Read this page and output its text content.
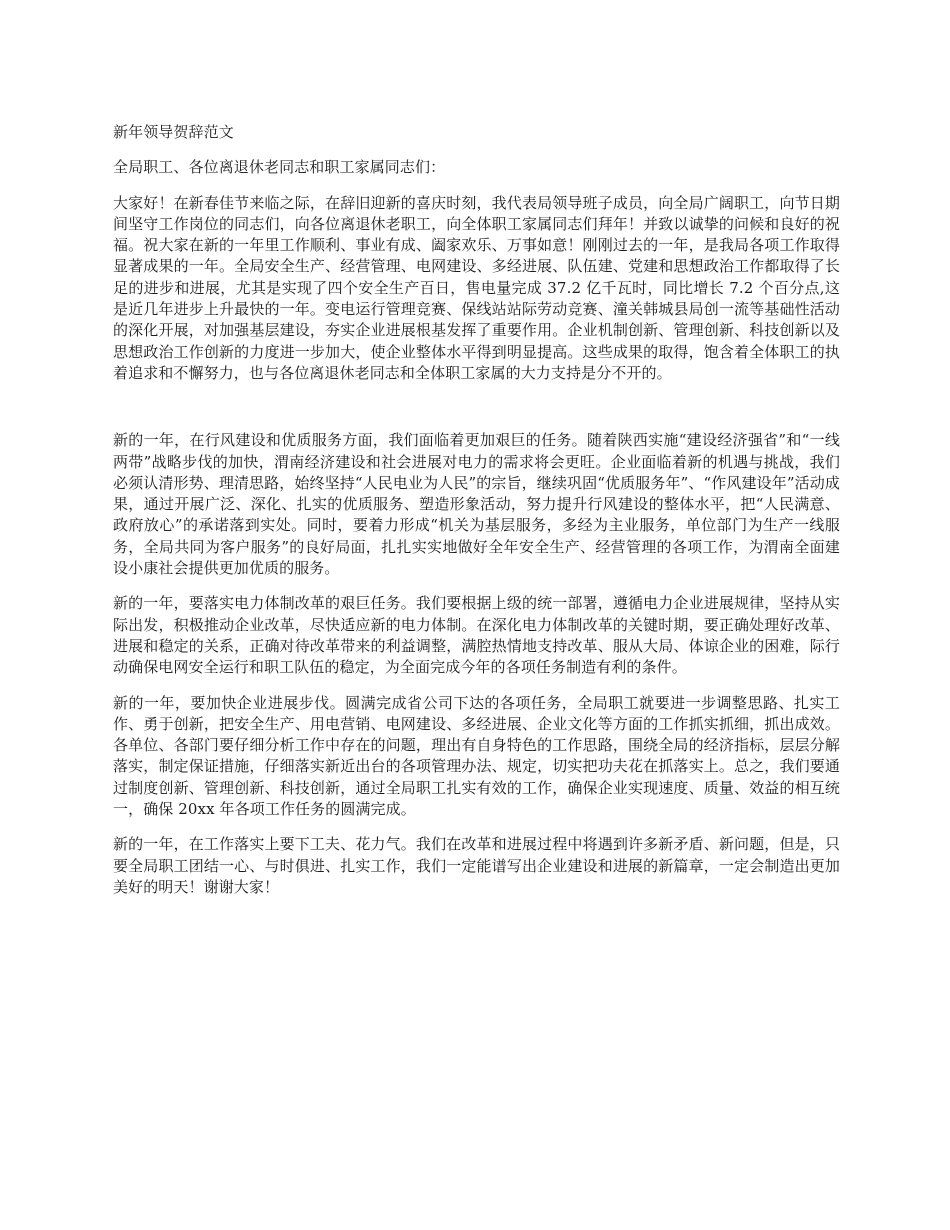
新年领导贺辞范文

全局职工、各位离退休老同志和职工家属同志们：

大家好！在新春佳节来临之际，在辞旧迎新的喜庆时刻，我代表局领导班子成员，向全局广阔职工，向节日期间坚守工作岗位的同志们，向各位离退休老职工，向全体职工家属同志们拜年！并致以诚挚的问候和良好的祝福。祝大家在新的一年里工作顺利、事业有成、阖家欢乐、万事如意！刚刚过去的一年，是我局各项工作取得显著成果的一年。全局安全生产、经营管理、电网建设、多经进展、队伍建、党建和思想政治工作都取得了长足的进步和进展，尤其是实现了四个安全生产百日，售电量完成 37.2 亿千瓦时，同比增长 7.2 个百分点,这是近几年进步上升最快的一年。变电运行管理竞赛、保线站站际劳动竞赛、潼关韩城县局创一流等基础性活动的深化开展，对加强基层建设，夯实企业进展根基发挥了重要作用。企业机制创新、管理创新、科技创新以及思想政治工作创新的力度进一步加大，使企业整体水平得到明显提高。这些成果的取得，饱含着全体职工的执着追求和不懈努力，也与各位离退休老同志和全体职工家属的大力支持是分不开的。

新的一年，在行风建设和优质服务方面，我们面临着更加艰巨的任务。随着陕西实施“建设经济强省”和“一线两带”战略步伐的加快，渭南经济建设和社会进展对电力的需求将会更旺。企业面临着新的机遇与挑战，我们必须认清形势、理清思路，始终坚持“人民电业为人民”的宗旨，继续巩固“优质服务年”、“作风建设年”活动成果，通过开展广泛、深化、扎实的优质服务、塑造形象活动，努力提升行风建设的整体水平，把“人民满意、政府放心”的承诺落到实处。同时，要着力形成“机关为基层服务，多经为主业服务，单位部门为生产一线服务，全局共同为客户服务”的良好局面，扎扎实实地做好全年安全生产、经营管理的各项工作，为渭南全面建设小康社会提供更加优质的服务。

新的一年，要落实电力体制改革的艰巨任务。我们要根据上级的统一部署，遵循电力企业进展规律，坚持从实际出发，积极推动企业改革，尽快适应新的电力体制。在深化电力体制改革的关键时期，要正确处理好改革、进展和稳定的关系，正确对待改革带来的利益调整，满腔热情地支持改革、服从大局、体谅企业的困难，际行动确保电网安全运行和职工队伍的稳定，为全面完成今年的各项任务制造有利的条件。

新的一年，要加快企业进展步伐。圆满完成省公司下达的各项任务，全局职工就要进一步调整思路、扎实工作、勇于创新，把安全生产、用电营销、电网建设、多经进展、企业文化等方面的工作抓实抓细，抓出成效。各单位、各部门要仔细分析工作中存在的问题，理出有自身特色的工作思路，围绕全局的经济指标，层层分解落实，制定保证措施，仔细落实新近出台的各项管理办法、规定，切实把功夫花在抓落实上。总之，我们要通过制度创新、管理创新、科技创新，通过全局职工扎实有效的工作，确保企业实现速度、质量、效益的相互统一，确保 20xx 年各项工作任务的圆满完成。

新的一年，在工作落实上要下工夫、花力气。我们在改革和进展过程中将遇到许多新矛盾、新问题，但是，只要全局职工团结一心、与时俱进、扎实工作，我们一定能谱写出企业建设和进展的新篇章，一定会制造出更加美好的明天！谢谢大家！
